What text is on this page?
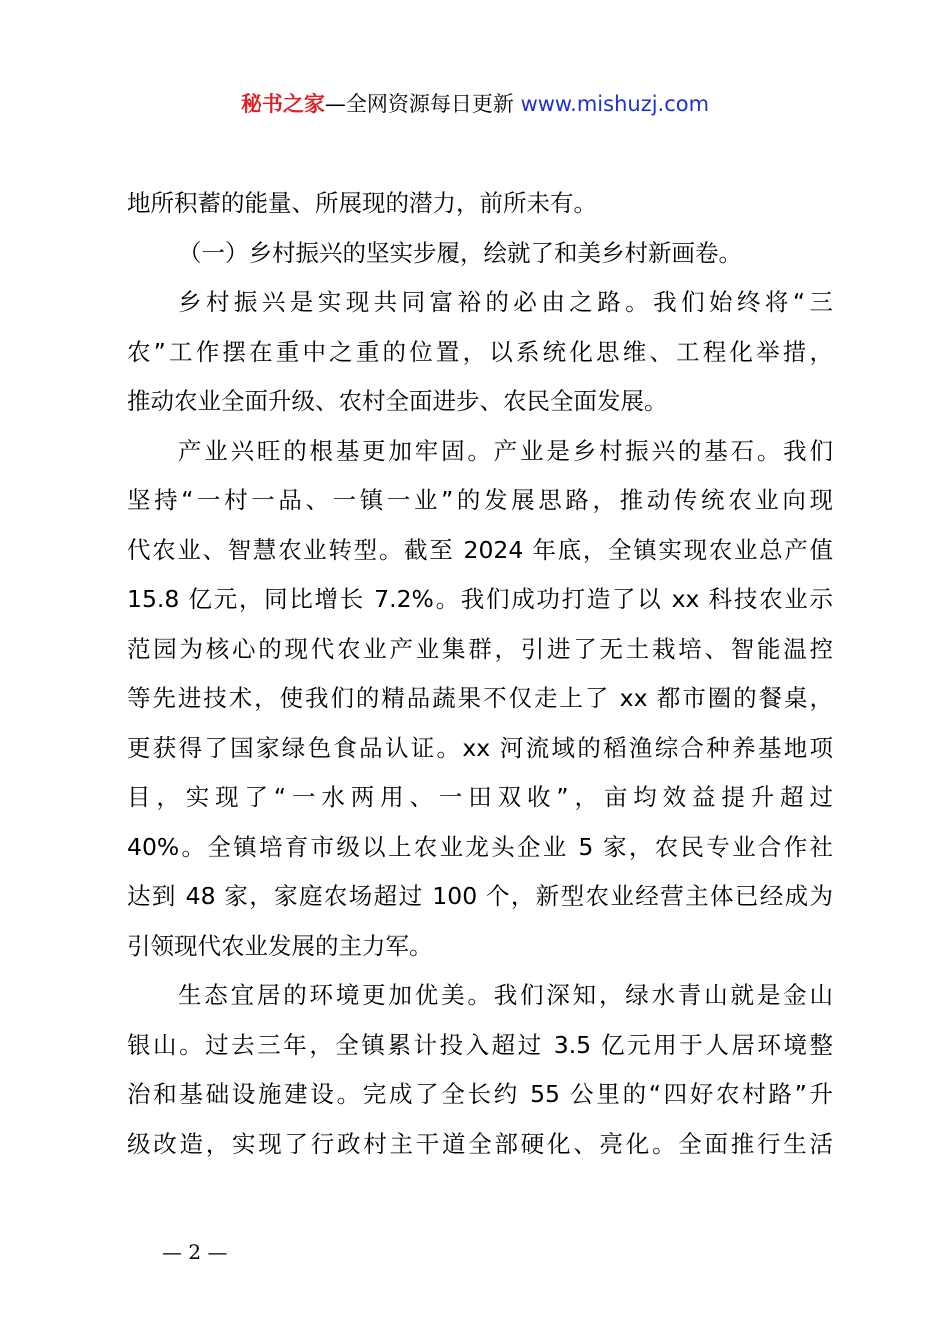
秘书之家—全网资源每日更新 www.mishuzj.com
地所积蓄的能量、所展现的潜力，前所未有。
（一）乡村振兴的坚实步履，绘就了和美乡村新画卷。
乡村振兴是实现共同富裕的必由之路。我们始终将“三
农”工作摆在重中之重的位置，以系统化思维、工程化举措，
推动农业全面升级、农村全面进步、农民全面发展。
产业兴旺的根基更加牢固。产业是乡村振兴的基石。我们
坚持“一村一品、一镇一业”的发展思路，推动传统农业向现
代农业、智慧农业转型。截至 2024 年底，全镇实现农业总产值
15.8 亿元，同比增长 7.2%。我们成功打造了以 xx 科技农业示
范园为核心的现代农业产业集群，引进了无土栽培、智能温控
等先进技术，使我们的精品蔬果不仅走上了 xx 都市圈的餐桌，
更获得了国家绿色食品认证。xx 河流域的稻渔综合种养基地项
目，实现了“一水两用、一田双收”，亩均效益提升超过
40%。全镇培育市级以上农业龙头企业 5 家，农民专业合作社
达到 48 家，家庭农场超过 100 个，新型农业经营主体已经成为
引领现代农业发展的主力军。
生态宜居的环境更加优美。我们深知，绿水青山就是金山
银山。过去三年，全镇累计投入超过 3.5 亿元用于人居环境整
治和基础设施建设。完成了全长约 55 公里的“四好农村路”升
级改造，实现了行政村主干道全部硬化、亮化。全面推行生活
— 2 —
